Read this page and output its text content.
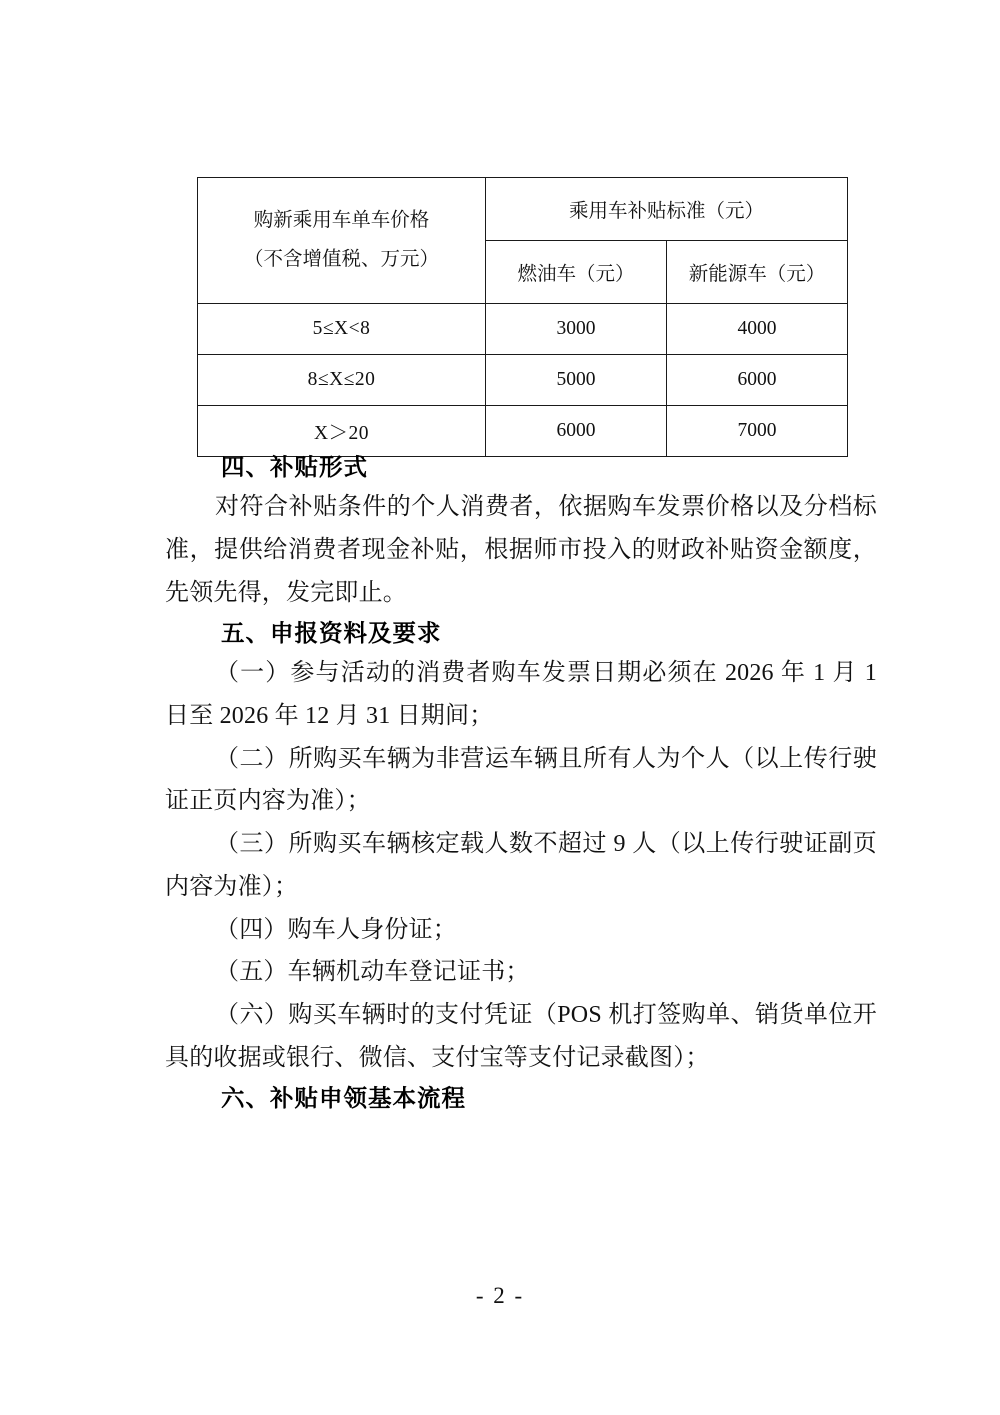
购新乘用车单车价格
（不含增值税、万元）	乘用车补贴标准（元）	
	燃油车（元）	新能源车（元）
5≤X<8	3000	4000
8≤X≤20	5000	6000
X＞20	6000	7000
四、补贴形式

对符合补贴条件的个人消费者，依据购车发票价格以及分档标准，提供给消费者现金补贴，根据师市投入的财政补贴资金额度，先领先得，发完即止。

五、申报资料及要求

（一）参与活动的消费者购车发票日期必须在 2026 年 1 月 1 日至 2026 年 12 月 31 日期间；

（二）所购买车辆为非营运车辆且所有人为个人（以上传行驶证正页内容为准）；

（三）所购买车辆核定载人数不超过 9 人（以上传行驶证副页内容为准）；

（四）购车人身份证；

（五）车辆机动车登记证书；

（六）购买车辆时的支付凭证（POS 机打签购单、销货单位开具的收据或银行、微信、支付宝等支付记录截图）；

六、补贴申领基本流程
- 2 -
